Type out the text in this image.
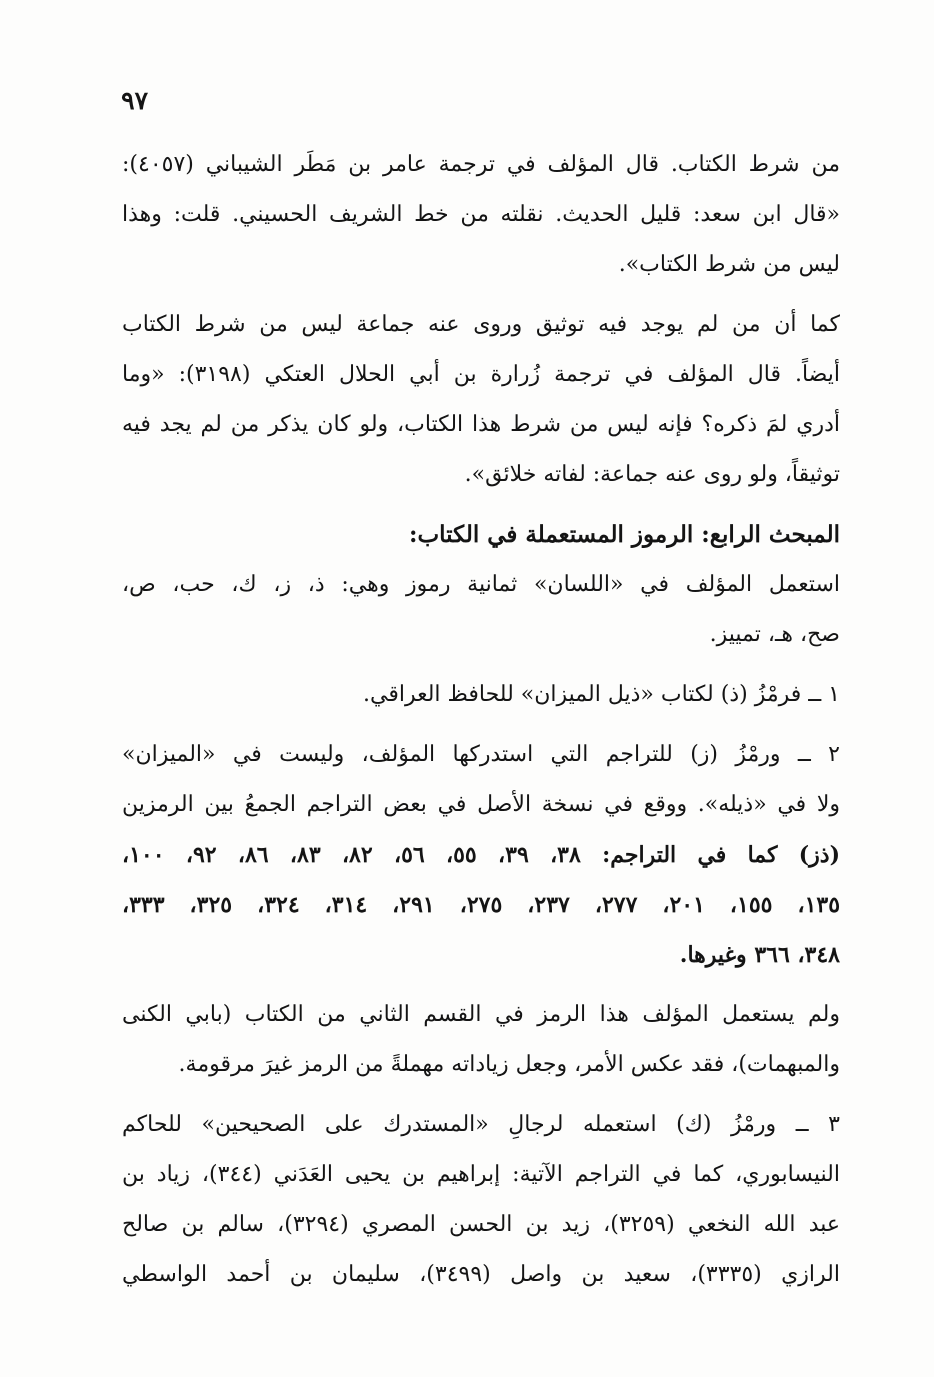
٩٧
من شرط الكتاب. قال المؤلف في ترجمة عامر بن مَطَر الشيباني (٤٠٥٧):
«قال ابن سعد: قليل الحديث. نقلته من خط الشريف الحسيني. قلت: وهذا
ليس من شرط الكتاب».
كما أن من لم يوجد فيه توثيق وروى عنه جماعة ليس من شرط الكتاب
أيضاً. قال المؤلف في ترجمة زُرارة بن أبي الحلال العتكي (٣١٩٨): «وما
أدري لمَ ذكره؟ فإنه ليس من شرط هذا الكتاب، ولو كان يذكر من لم يجد فيه
توثيقاً، ولو روى عنه جماعة: لفاته خلائق».
المبحث الرابع: الرموز المستعملة في الكتاب:
استعمل المؤلف في «اللسان» ثمانية رموز وهي: ذ، ز، ك، حب، ص،
صح، هـ، تمييز.
١ ــ فرمْزُ (ذ) لكتاب «ذيل الميزان» للحافظ العراقي.
٢ ــ ورمْزُ (ز) للتراجم التي استدركها المؤلف، وليست في «الميزان»
ولا في «ذيله». ووقع في نسخة الأصل في بعض التراجم الجمعُ بين الرمزين
(ذز) كما في التراجم: ٣٨، ٣٩، ٥٥، ٥٦، ٨٢، ٨٣، ٨٦، ٩٢، ١٠٠،
١٣٥، ١٥٥، ٢٠١، ٢٧٧، ٢٣٧، ٢٧٥، ٢٩١، ٣١٤، ٣٢٤، ٣٢٥، ٣٣٣،
٣٤٨، ٣٦٦ وغيرها.
ولم يستعمل المؤلف هذا الرمز في القسم الثاني من الكتاب (بابي الكنى
والمبهمات)، فقد عكس الأمر، وجعل زياداته مهملةً من الرمز غيرَ مرقومة.
٣ ــ ورمْزُ (ك) استعمله لرجالِ «المستدرك على الصحيحين» للحاكم
النيسابوري، كما في التراجم الآتية: إبراهيم بن يحيى العَدَني (٣٤٤)، زياد بن
عبد الله النخعي (٣٢٥٩)، زيد بن الحسن المصري (٣٢٩٤)، سالم بن صالح
الرازي (٣٣٣٥)، سعيد بن واصل (٣٤٩٩)، سليمان بن أحمد الواسطي
